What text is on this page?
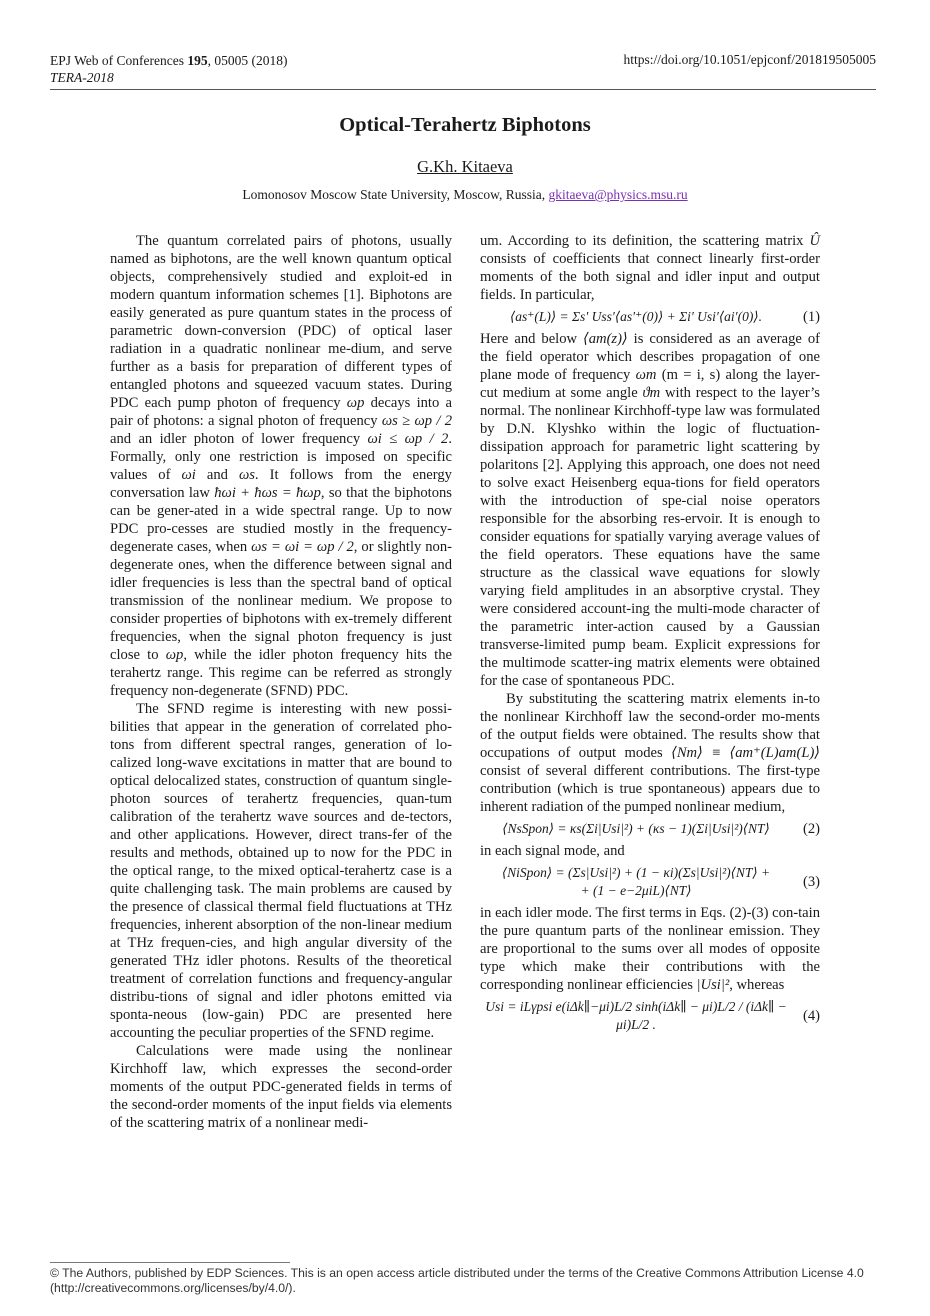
EPJ Web of Conferences 195, 05005 (2018)
TERA-2018
https://doi.org/10.1051/epjconf/201819505005
Optical-Terahertz Biphotons
G.Kh. Kitaeva
Lomonosov Moscow State University, Moscow, Russia, gkitaeva@physics.msu.ru

The quantum correlated pairs of photons, usually named as biphotons, are the well known quantum optical objects, comprehensively studied and exploit-ed in modern quantum information schemes [1]. Biphotons are easily generated as pure quantum states in the process of parametric down-conversion (PDC) of optical laser radiation in a quadratic nonlinear me-dium, and serve further as a basis for preparation of different types of entangled photons and squeezed vacuum states. During PDC each pump photon of frequency ωp decays into a pair of photons: a signal photon of frequency ωs ≥ ωp / 2 and an idler photon of lower frequency ωi ≤ ωp / 2. Formally, only one restriction is imposed on specific values of ωi and ωs. It follows from the energy conversation law ħωi + ħωs = ħωp, so that the biphotons can be gener-ated in a wide spectral range. Up to now PDC pro-cesses are studied mostly in the frequency-degenerate cases, when ωs = ωi = ωp / 2, or slightly non-degenerate ones, when the difference between signal and idler frequencies is less than the spectral band of optical transmission of the nonlinear medium. We propose to consider properties of biphotons with ex-tremely different frequencies, when the signal photon frequency is just close to ωp, while the idler photon frequency hits the terahertz range. This regime can be referred as strongly frequency non-degenerate (SFND) PDC.

The SFND regime is interesting with new possi-bilities that appear in the generation of correlated pho-tons from different spectral ranges, generation of lo-calized long-wave excitations in matter that are bound to optical delocalized states, construction of quantum single-photon sources of terahertz frequencies, quan-tum calibration of the terahertz wave sources and de-tectors, and other applications. However, direct trans-fer of the results and methods, obtained up to now for the PDC in the optical range, to the mixed optical-terahertz case is a quite challenging task. The main problems are caused by the presence of classical thermal field fluctuations at THz frequencies, inherent absorption of the non-linear medium at THz frequen-cies, and high angular diversity of the generated THz idler photons. Results of the theoretical treatment of correlation functions and frequency-angular distribu-tions of signal and idler photons emitted via sponta-neous (low-gain) PDC are presented here accounting the peculiar properties of the SFND regime.

Calculations were made using the nonlinear Kirchhoff law, which expresses the second-order moments of the output PDC-generated fields in terms of the second-order moments of the input fields via elements of the scattering matrix of a nonlinear medi-

um. According to its definition, the scattering matrix Û consists of coefficients that connect linearly first-order moments of the both signal and idler input and output fields. In particular,

⟨as⁺(L)⟩ = Σs′ Uss′⟨as′⁺(0)⟩ + Σi′ Usi′⟨ai′(0)⟩.	(1)

Here and below ⟨am(z)⟩ is considered as an average of the field operator which describes propagation of one plane mode of frequency ωm (m = i, s) along the layer-cut medium at some angle ϑm with respect to the layer’s normal. The nonlinear Kirchhoff-type law was formulated by D.N. Klyshko within the logic of fluctuation-dissipation approach for parametric light scattering by polaritons [2]. Applying this approach, one does not need to solve exact Heisenberg equa-tions for field operators with the introduction of spe-cial noise operators responsible for the absorbing res-ervoir. It is enough to consider equations for spatially varying average values of the field operators. These equations have the same structure as the classical wave equations for slowly varying field amplitudes in an absorptive crystal. They were considered account-ing the multi-mode character of the parametric inter-action caused by a Gaussian transverse-limited pump beam. Explicit expressions for the multimode scatter-ing matrix elements were obtained for the case of spontaneous PDC.

By substituting the scattering matrix elements in-to the nonlinear Kirchhoff law the second-order mo-ments of the output fields were obtained. The results show that occupations of output modes ⟨Nm⟩ ≡ ⟨am⁺(L)am(L)⟩ consist of several different contributions. The first-type contribution (which is true spontaneous) appears due to inherent radiation of the pumped nonlinear medium,

⟨NsSpon⟩ = κs(Σi|Usi|²) + (κs − 1)(Σi|Usi|²)⟨NT⟩	(2)

in each signal mode, and

⟨NiSpon⟩ = (Σs|Usi|²) + (1 − κi)(Σs|Usi|²)⟨NT⟩ +
+ (1 − e−2μiL)⟨NT⟩
(3)

in each idler mode. The first terms in Eqs. (2)-(3) con-tain the pure quantum parts of the nonlinear emission. They are proportional to the sums over all modes of opposite type which make their contributions with the corresponding nonlinear efficiencies |Usi|², whereas

Usi = iLγpsi e(iΔk∥−μi)L/2 sinh(iΔk∥ − μi)L/2 / (iΔk∥ − μi)L/2 .
(4)
© The Authors, published by EDP Sciences. This is an open access article distributed under the terms of the Creative Commons Attribution License 4.0 (http://creativecommons.org/licenses/by/4.0/).
